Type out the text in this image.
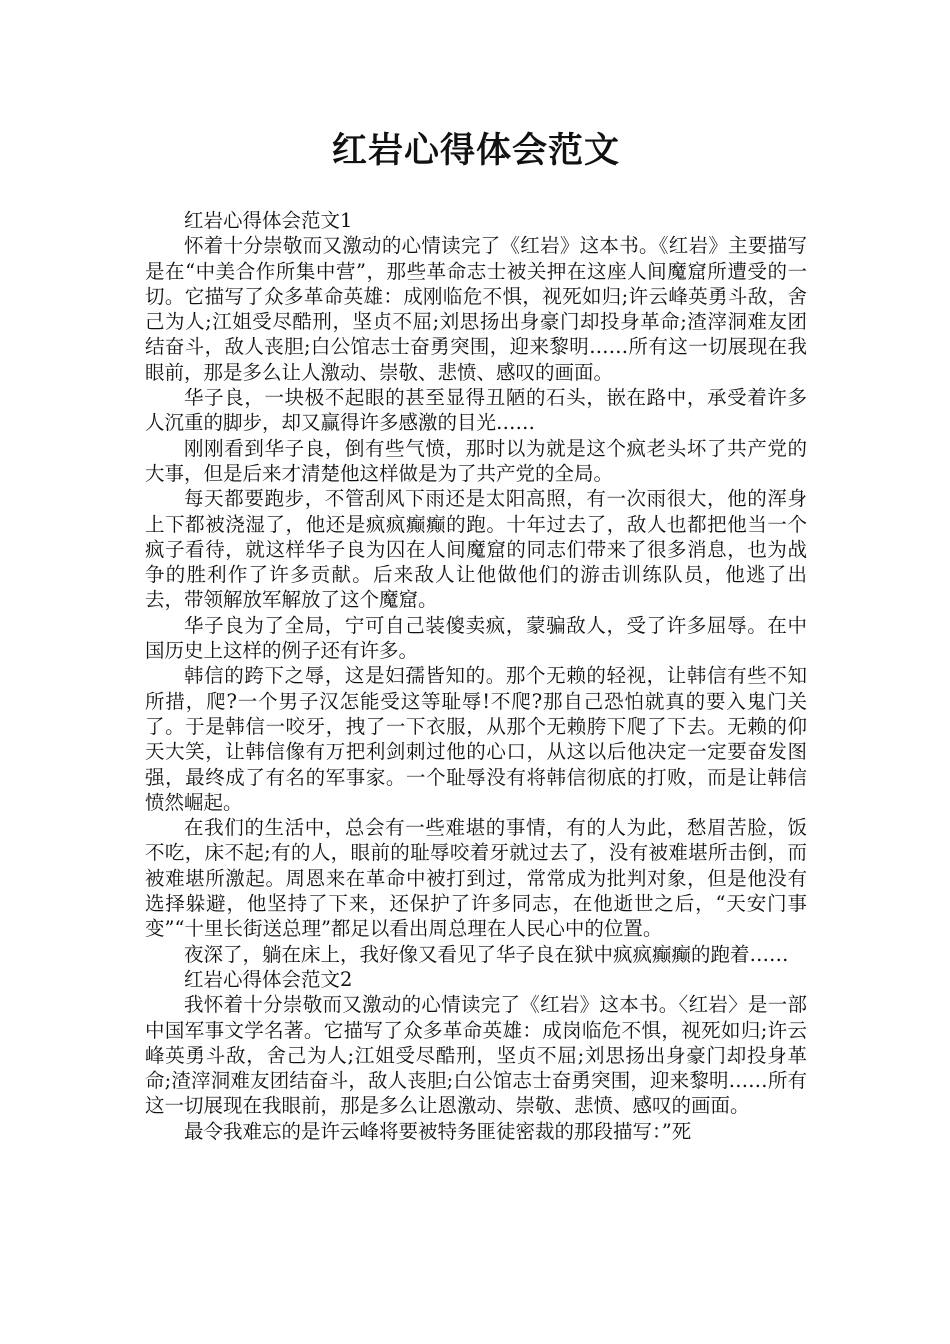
红岩心得体会范文

红岩心得体会范文1

怀着十分崇敬而又激动的心情读完了《红岩》这本书。《红岩》主要描写是在“中美合作所集中营”，那些革命志士被关押在这座人间魔窟所遭受的一切。它描写了众多革命英雄：成刚临危不惧，视死如归;许云峰英勇斗敌，舍己为人;江姐受尽酷刑，坚贞不屈;刘思扬出身豪门却投身革命;渣滓洞难友团结奋斗，敌人丧胆;白公馆志士奋勇突围，迎来黎明……所有这一切展现在我眼前，那是多么让人激动、崇敬、悲愤、感叹的画面。

华子良，一块极不起眼的甚至显得丑陋的石头，嵌在路中，承受着许多人沉重的脚步，却又赢得许多感激的目光……

刚刚看到华子良，倒有些气愤，那时以为就是这个疯老头坏了共产党的大事，但是后来才清楚他这样做是为了共产党的全局。

每天都要跑步，不管刮风下雨还是太阳高照，有一次雨很大，他的浑身上下都被浇湿了，他还是疯疯癫癫的跑。十年过去了，敌人也都把他当一个疯子看待，就这样华子良为囚在人间魔窟的同志们带来了很多消息，也为战争的胜利作了许多贡献。后来敌人让他做他们的游击训练队员，他逃了出去，带领解放军解放了这个魔窟。

华子良为了全局，宁可自己装傻卖疯，蒙骗敌人，受了许多屈辱。在中国历史上这样的例子还有许多。

韩信的跨下之辱，这是妇孺皆知的。那个无赖的轻视，让韩信有些不知所措，爬?一个男子汉怎能受这等耻辱!不爬?那自己恐怕就真的要入鬼门关了。于是韩信一咬牙，拽了一下衣服，从那个无赖胯下爬了下去。无赖的仰天大笑，让韩信像有万把利剑刺过他的心口，从这以后他决定一定要奋发图强，最终成了有名的军事家。一个耻辱没有将韩信彻底的打败，而是让韩信愤然崛起。

在我们的生活中，总会有一些难堪的事情，有的人为此，愁眉苦脸，饭不吃，床不起;有的人，眼前的耻辱咬着牙就过去了，没有被难堪所击倒，而被难堪所激起。周恩来在革命中被打到过，常常成为批判对象，但是他没有选择躲避，他坚持了下来，还保护了许多同志，在他逝世之后，“天安门事变”“十里长街送总理”都足以看出周总理在人民心中的位置。

夜深了，躺在床上，我好像又看见了华子良在狱中疯疯癫癫的跑着……

红岩心得体会范文2

我怀着十分崇敬而又激动的心情读完了《红岩》这本书。〈红岩〉是一部中国军事文学名著。它描写了众多革命英雄：成岗临危不惧，视死如归;许云峰英勇斗敌，舍己为人;江姐受尽酷刑，坚贞不屈;刘思扬出身豪门却投身革命;渣滓洞难友团结奋斗，敌人丧胆;白公馆志士奋勇突围，迎来黎明……所有这一切展现在我眼前，那是多么让恩激动、崇敬、悲愤、感叹的画面。

最令我难忘的是许云峰将要被特务匪徒密裁的那段描写：”死
